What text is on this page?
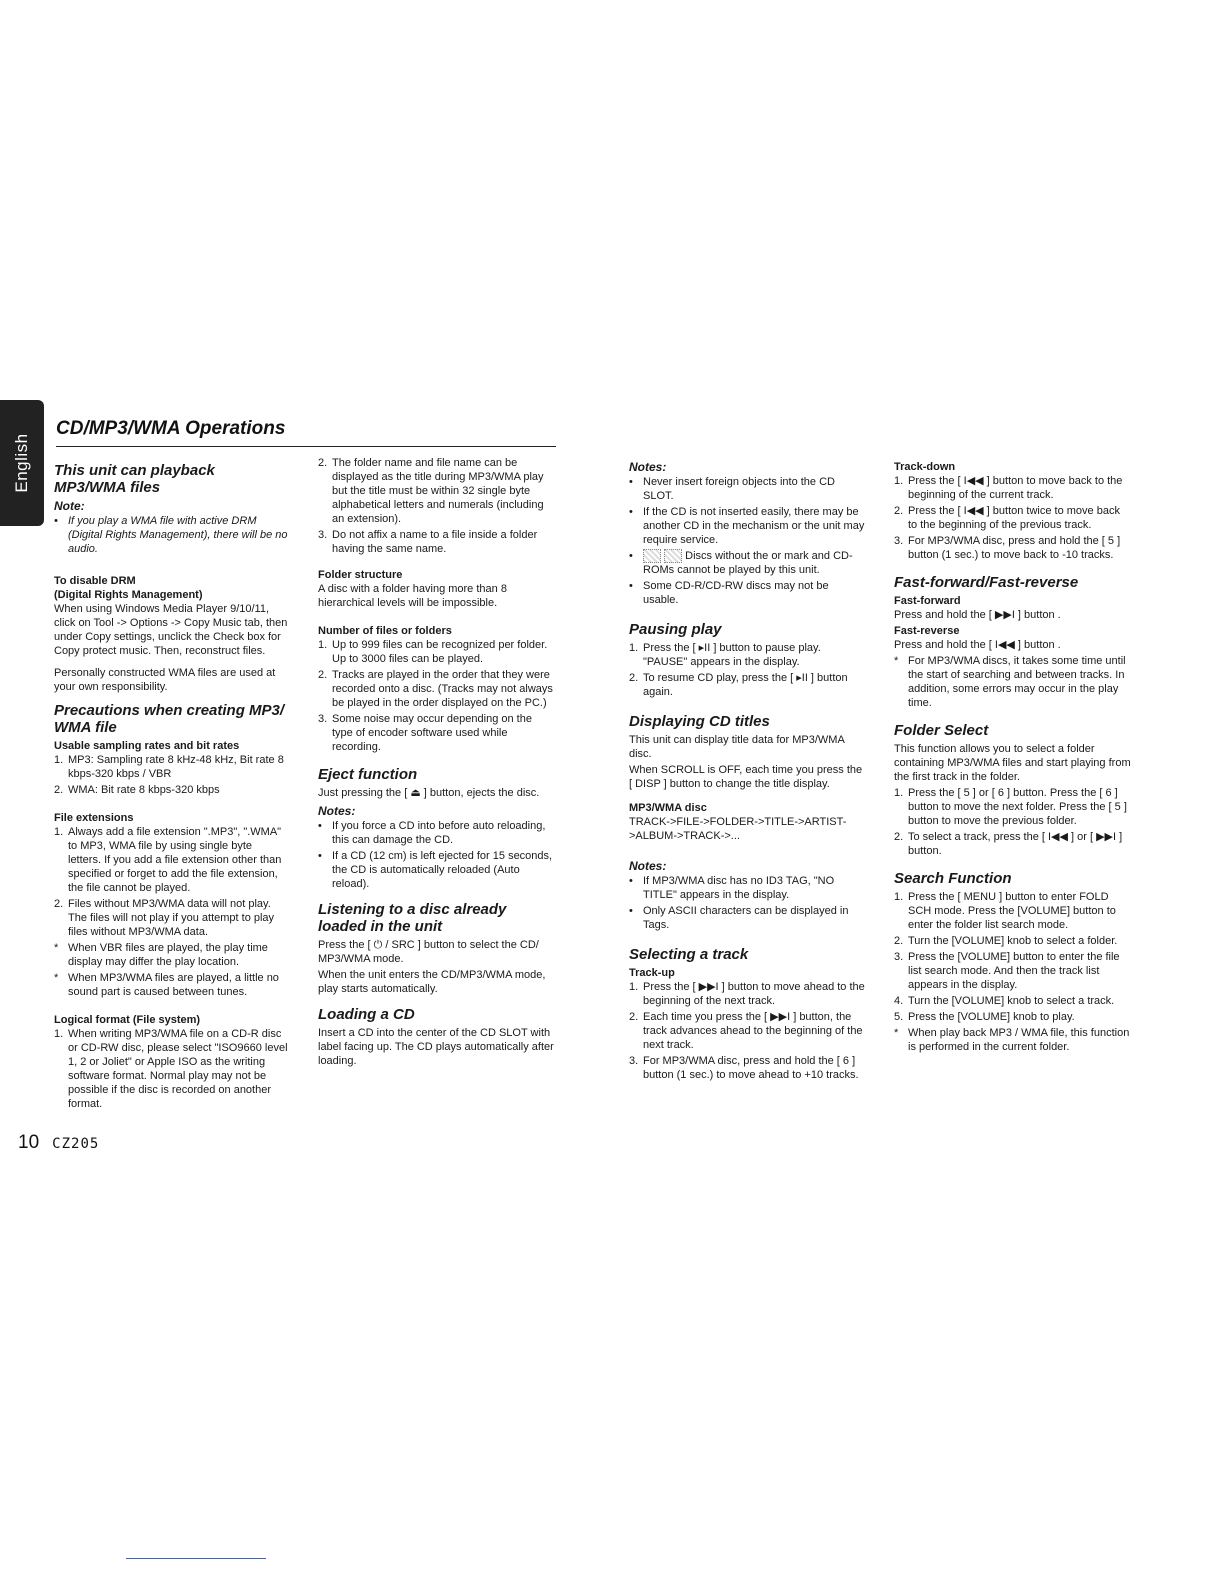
English
CD/MP3/WMA Operations
This unit can playback MP3/WMA files
Note:
• If you play a WMA file with active DRM (Digital Rights Management), there will be no audio.
To disable DRM
(Digital Rights Management)

When using Windows Media Player 9/10/11, click on Tool -> Options -> Copy Music tab, then under Copy settings, unclick the Check box for Copy protect music. Then, reconstruct files.

Personally constructed WMA files are used at your own responsibility.

Precautions when creating MP3/ WMA file
Usable sampling rates and bit rates
1. MP3: Sampling rate 8 kHz-48 kHz, Bit rate 8 kbps-320 kbps / VBR
2. WMA: Bit rate 8 kbps-320 kbps
File extensions
1. Always add a file extension ".MP3", ".WMA" to MP3, WMA file by using single byte letters. If you add a file extension other than specified or forget to add the file extension, the file cannot be played.
2. Files without MP3/WMA data will not play. The files will not play if you attempt to play files without MP3/WMA data.
* When VBR files are played, the play time display may differ the play location.
* When MP3/WMA files are played, a little no sound part is caused between tunes.
Logical format (File system)
1. When writing MP3/WMA file on a CD-R disc or CD-RW disc, please select "ISO9660 level 1, 2 or Joliet" or Apple ISO as the writing software format. Normal play may not be possible if the disc is recorded on another format.
2. The folder name and file name can be displayed as the title during MP3/WMA play but the title must be within 32 single byte alphabetical letters and numerals (including an extension).
3. Do not affix a name to a file inside a folder having the same name.
Folder structure

A disc with a folder having more than 8 hierarchical levels will be impossible.

Number of files or folders
1. Up to 999 files can be recognized per folder.
Up to 3000 files can be played.
2. Tracks are played in the order that they were recorded onto a disc. (Tracks may not always be played in the order displayed on the PC.)
3. Some noise may occur depending on the type of encoder software used while recording.
Eject function

Just pressing the [ ⏏ ] button, ejects the disc.

Notes:
• If you force a CD into before auto reloading, this can damage the CD.
• If a CD (12 cm) is left ejected for 15 seconds, the CD is automatically reloaded (Auto reload).
Listening to a disc already loaded in the unit

Press the [ ⏻ / SRC ] button to select the CD/ MP3/WMA mode.

When the unit enters the CD/MP3/WMA mode, play starts automatically.

Loading a CD

Insert a CD into the center of the CD SLOT with label facing up. The CD plays automatically after loading.

Notes:
• Never insert foreign objects into the CD SLOT.
• If the CD is not inserted easily, there may be another CD in the mechanism or the unit may require service.
•	Discs without the or mark and CD-ROMs cannot be played by this unit.
• Some CD-R/CD-RW discs may not be usable.
Pausing play
1. Press the [ ▸II ] button to pause play. "PAUSE" appears in the display.
2. To resume CD play, press the [ ▸II ] button again.
Displaying CD titles

This unit can display title data for MP3/WMA disc.

When SCROLL is OFF, each time you press the [ DISP ] button to change the title display.

MP3/WMA disc

TRACK->FILE->FOLDER->TITLE->ARTIST- >ALBUM->TRACK->...

Notes:
• If MP3/WMA disc has no ID3 TAG, "NO TITLE" appears in the display.
• Only ASCII characters can be displayed in Tags.
Selecting a track
Track-up
1. Press the [ ▶▶I ] button to move ahead to the beginning of the next track.
2. Each time you press the [ ▶▶I ] button, the track advances ahead to the beginning of the next track.
3. For MP3/WMA disc, press and hold the [ 6 ] button (1 sec.) to move ahead to +10 tracks.
Track-down
1. Press the [ I◀◀ ] button to move back to the beginning of the current track.
2. Press the [ I◀◀ ] button twice to move back to the beginning of the previous track.
3. For MP3/WMA disc, press and hold the [ 5 ] button (1 sec.) to move back to -10 tracks.
Fast-forward/Fast-reverse
Fast-forward

Press and hold the [ ▶▶I ] button .

Fast-reverse

Press and hold the [ I◀◀ ] button .

* For MP3/WMA discs, it takes some time until the start of searching and between tracks. In addition, some errors may occur in the play time.
Folder Select

This function allows you to select a folder containing MP3/WMA files and start playing from the first track in the folder.

1. Press the [ 5 ] or [ 6 ] button. Press the [ 6 ] button to move the next folder. Press the [ 5 ] button to move the previous folder.
2. To select a track, press the [ I◀◀ ] or [ ▶▶I ] button.
Search Function
1. Press the [ MENU ] button to enter FOLD SCH mode. Press the [VOLUME] button to enter the folder list search mode.
2. Turn the [VOLUME] knob to select a folder.
3. Press the [VOLUME] button to enter the file list search mode. And then the track list appears in the display.
4. Turn the [VOLUME] knob to select a track.
5. Press the [VOLUME] knob to play.
* When play back MP3 / WMA file, this function is performed in the current folder.
10 CZ205
